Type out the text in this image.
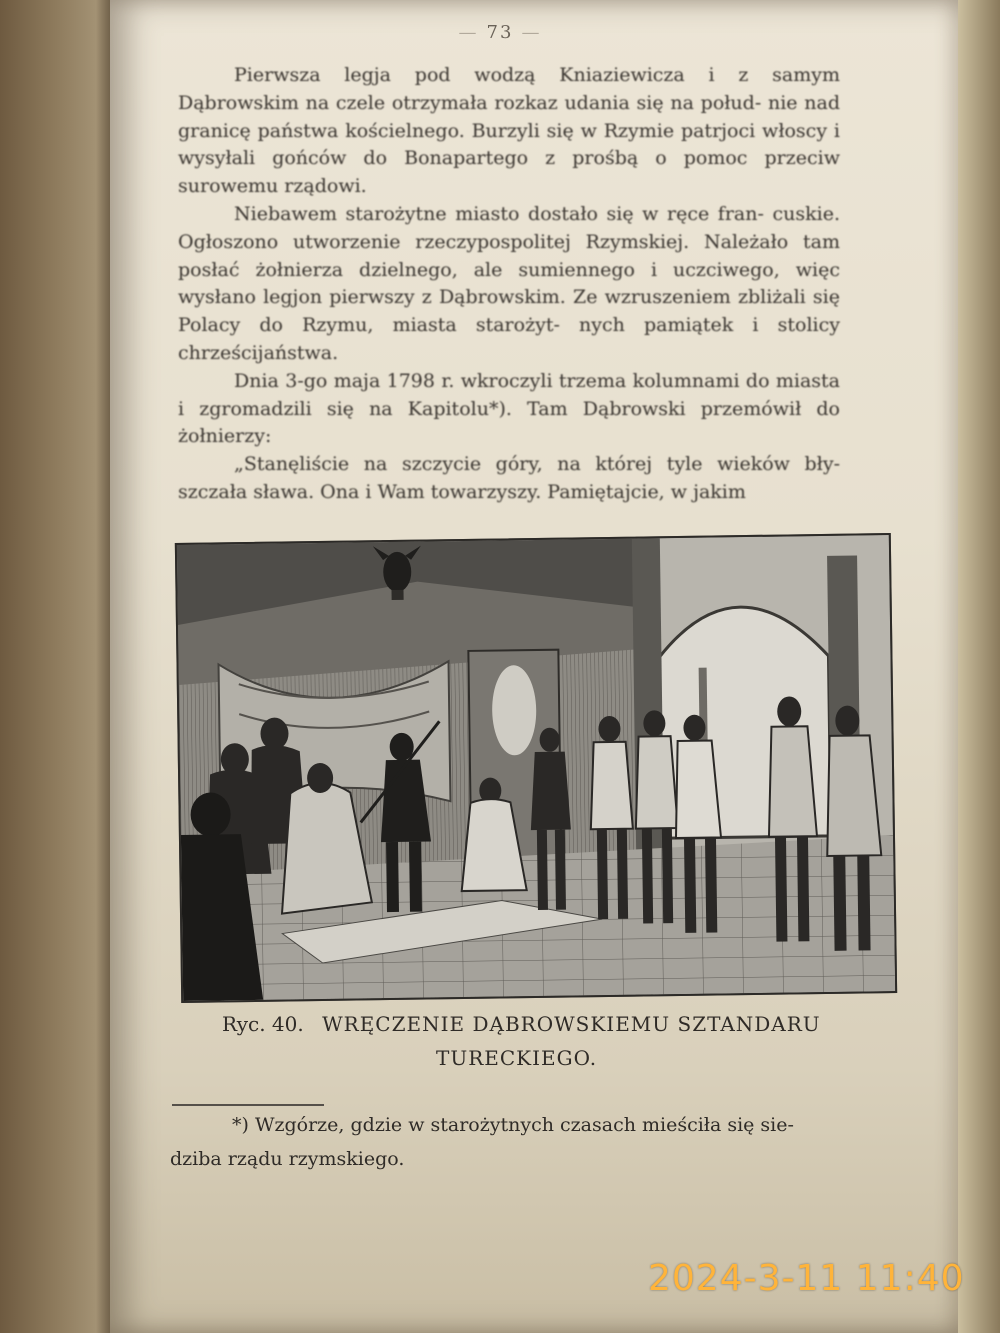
— 73 —

Pierwsza legja pod wodzą Kniaziewicza i z samym Dąbrowskim na czele otrzymała rozkaz udania się na połud- nie nad granicę państwa kościelnego. Burzyli się w Rzymie patrjoci włoscy i wysyłali gońców do Bonapartego z prośbą o pomoc przeciw surowemu rządowi.

Niebawem starożytne miasto dostało się w ręce fran- cuskie. Ogłoszono utworzenie rzeczypospolitej Rzymskiej. Należało tam posłać żołnierza dzielnego, ale sumiennego i uczciwego, więc wysłano legjon pierwszy z Dąbrowskim. Ze wzruszeniem zbliżali się Polacy do Rzymu, miasta starożyt- nych pamiątek i stolicy chrześcijaństwa.

Dnia 3-go maja 1798 r. wkroczyli trzema kolumnami do miasta i zgromadzili się na Kapitolu*). Tam Dąbrowski przemówił do żołnierzy:

„Stanęliście na szczycie góry, na której tyle wieków bły- szczała sława. Ona i Wam towarzyszy. Pamiętajcie, w jakim

Ryc. 40. WRĘCZENIE DĄBROWSKIEMU SZTANDARU
TURECKIEGO.
*) Wzgórze, gdzie w starożytnych czasach mieściła się sie-
dziba rządu rzymskiego.
2024-3-11 11:40
